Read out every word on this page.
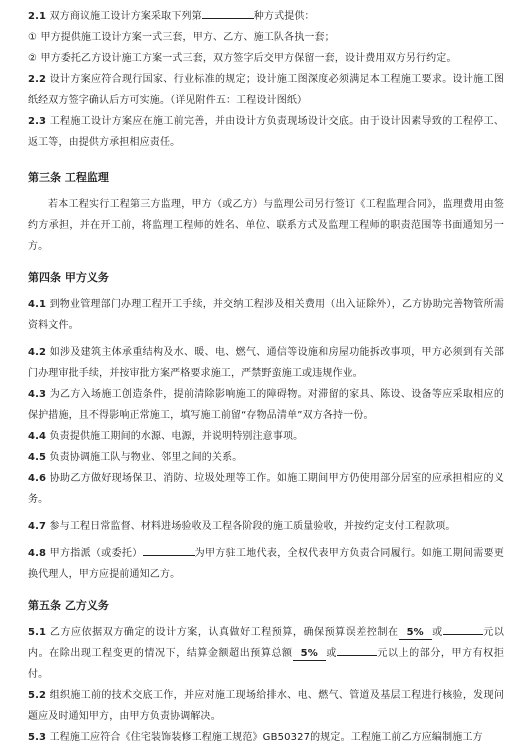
2.1 双方商议施工设计方案采取下列第	种方式提供：

① 甲方提供施工设计方案一式三套，甲方、乙方、施工队各执一套；

② 甲方委托乙方设计施工方案一式三套，双方签字后交甲方保留一套，设计费用双方另行约定。

2.2 设计方案应符合现行国家、行业标准的规定；设计施工图深度必须满足本工程施工要求。设计施工图纸经双方签字确认后方可实施。（详见附件五：工程设计图纸）

2.3 工程施工设计方案应在施工前完善，并由设计方负责现场设计交底。由于设计因素导致的工程停工、返工等，由提供方承担相应责任。

第三条 工程监理

若本工程实行工程第三方监理，甲方（或乙方）与监理公司另行签订《工程监理合同》，监理费用由签约方承担，并在开工前，将监理工程师的姓名、单位、联系方式及监理工程师的职责范围等书面通知另一方。

第四条 甲方义务

4.1 到物业管理部门办理工程开工手续，并交纳工程涉及相关费用（出入证除外），乙方协助完善物管所需资料文件。

4.2 如涉及建筑主体承重结构及水、暖、电、燃气、通信等设施和房屋功能拆改事项，甲方必须到有关部门办理审批手续，并按审批方案严格要求施工，严禁野蛮施工或违规作业。

4.3 为乙方入场施工创造条件，提前清除影响施工的障碍物。对滞留的家具、陈设、设备等应采取相应的保护措施，且不得影响正常施工，填写施工前留“存物品清单”双方各持一份。

4.4 负责提供施工期间的水源、电源，并说明特别注意事项。

4.5 负责协调施工队与物业、邻里之间的关系。

4.6 协助乙方做好现场保卫、消防、垃圾处理等工作。如施工期间甲方仍使用部分居室的应承担相应的义务。

4.7 参与工程日常监督、材料进场验收及工程各阶段的施工质量验收，并按约定支付工程款项。

4.8 甲方指派（或委托）	为甲方驻工地代表，全权代表甲方负责合同履行。如施工期间需要更换代理人，甲方应提前通知乙方。

第五条 乙方义务

5.1 乙方应依据双方确定的设计方案，认真做好工程预算，确保预算误差控制在 5% 或	元以内。在除出现工程变更的情况下，结算金额超出预算总额 5% 或	元以上的部分，甲方有权拒付。

5.2 组织施工前的技术交底工作，并应对施工现场给排水、电、燃气、管道及基层工程进行核验，发现问题应及时通知甲方，由甲方负责协调解决。

5.3 工程施工应符合《住宅装饰装修工程施工规范》GB50327的规定。工程施工前乙方应编制施工方
